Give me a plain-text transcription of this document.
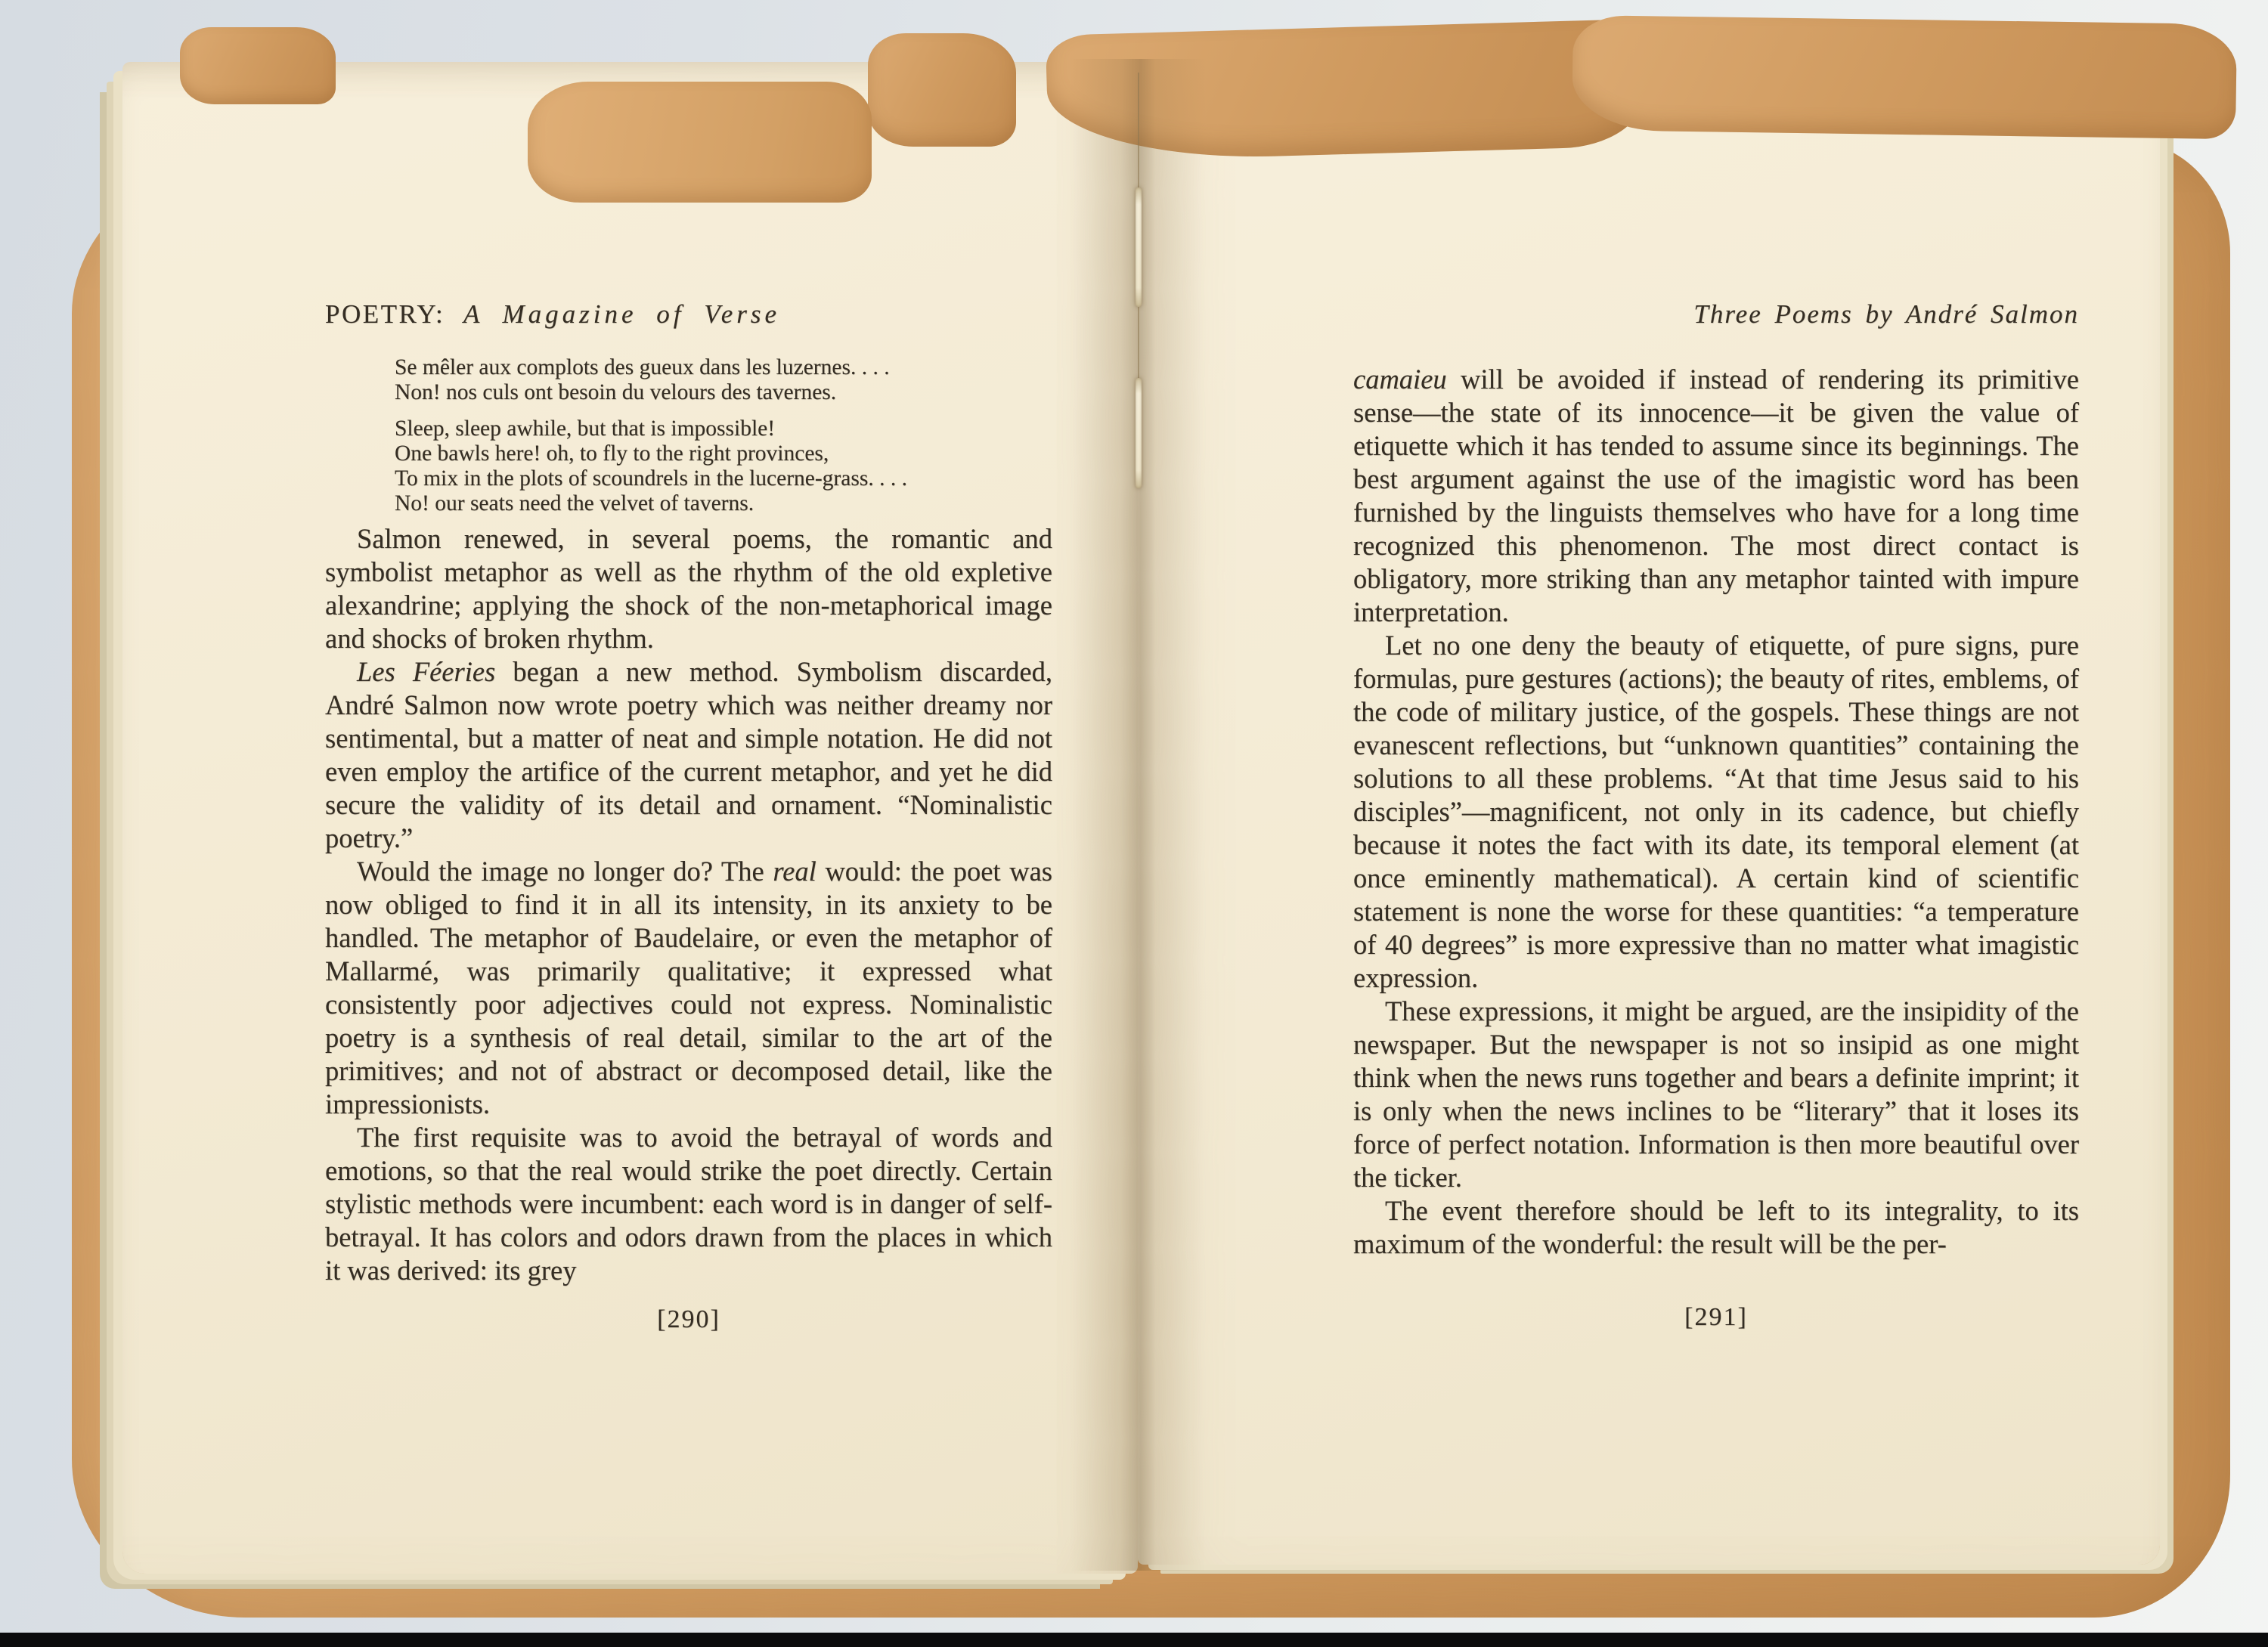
POETRY: A Magazine of Verse
Se mêler aux complots des gueux dans les luzernes. . . .
Non! nos culs ont besoin du velours des tavernes.
Sleep, sleep awhile, but that is impossible!
One bawls here! oh, to fly to the right provinces,
To mix in the plots of scoundrels in the lucerne-grass. . . .
No! our seats need the velvet of taverns.

Salmon renewed, in several poems, the romantic and symbolist metaphor as well as the rhythm of the old expletive alexandrine; applying the shock of the non-metaphorical image and shocks of broken rhythm.

Les Féeries began a new method. Symbolism discarded, André Salmon now wrote poetry which was neither dreamy nor sentimental, but a matter of neat and simple notation. He did not even employ the artifice of the current metaphor, and yet he did secure the validity of its detail and ornament. “Nominalistic poetry.”

Would the image no longer do? The real would: the poet was now obliged to find it in all its intensity, in its anxiety to be handled. The metaphor of Baudelaire, or even the metaphor of Mallarmé, was primarily qualitative; it expressed what consistently poor adjectives could not express. Nominalistic poetry is a synthesis of real detail, similar to the art of the primitives; and not of abstract or decomposed detail, like the impressionists.

The first requisite was to avoid the betrayal of words and emotions, so that the real would strike the poet directly. Certain stylistic methods were incumbent: each word is in danger of self-betrayal. It has colors and odors drawn from the places in which it was derived: its grey

[290]
Three Poems by André Salmon

camaieu will be avoided if instead of rendering its primitive sense—the state of its innocence—it be given the value of etiquette which it has tended to assume since its beginnings. The best argument against the use of the imagistic word has been furnished by the linguists themselves who have for a long time recognized this phenomenon. The most direct contact is obligatory, more striking than any metaphor tainted with impure interpretation.

Let no one deny the beauty of etiquette, of pure signs, pure formulas, pure gestures (actions); the beauty of rites, emblems, of the code of military justice, of the gospels. These things are not evanescent reflections, but “unknown quantities” containing the solutions to all these problems. “At that time Jesus said to his disciples”—magnificent, not only in its cadence, but chiefly because it notes the fact with its date, its temporal element (at once eminently mathematical). A certain kind of scientific statement is none the worse for these quantities: “a temperature of 40 degrees” is more expressive than no matter what imagistic expression.

These expressions, it might be argued, are the insipidity of the newspaper. But the newspaper is not so insipid as one might think when the news runs together and bears a definite imprint; it is only when the news inclines to be “literary” that it loses its force of perfect notation. Information is then more beautiful over the ticker.

The event therefore should be left to its integrality, to its maximum of the wonderful: the result will be the per-

[291]
